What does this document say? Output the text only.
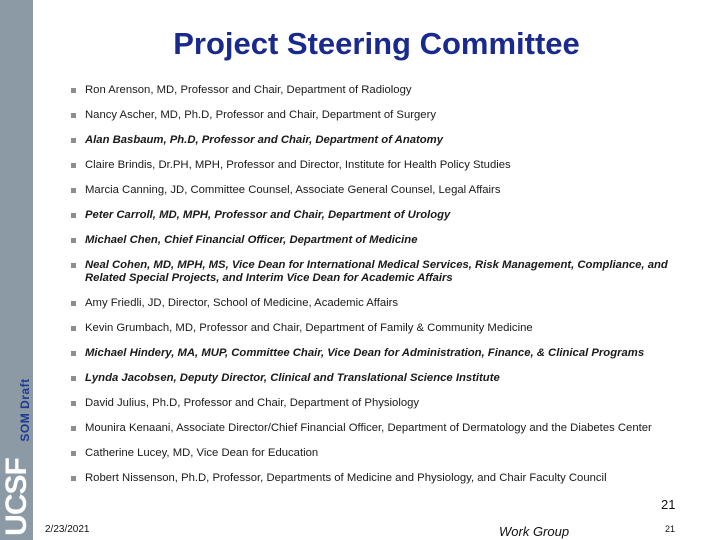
SOM Draft
UCSF
Project Steering Committee
Ron Arenson, MD, Professor and Chair, Department of Radiology
Nancy Ascher, MD, Ph.D, Professor and Chair, Department of Surgery
Alan Basbaum, Ph.D, Professor and Chair, Department of Anatomy
Claire Brindis, Dr.PH, MPH, Professor and Director, Institute for Health Policy Studies
Marcia Canning, JD, Committee Counsel, Associate General Counsel, Legal Affairs
Peter Carroll, MD, MPH, Professor and Chair, Department of Urology
Michael Chen, Chief Financial Officer, Department of Medicine
Neal Cohen, MD, MPH, MS, Vice Dean for International Medical Services, Risk Management, Compliance, and Related Special Projects, and Interim Vice Dean for Academic Affairs
Amy Friedli, JD, Director, School of Medicine, Academic Affairs
Kevin Grumbach, MD, Professor and Chair, Department of Family & Community Medicine
Michael Hindery, MA, MUP, Committee Chair, Vice Dean for Administration, Finance, & Clinical Programs
Lynda Jacobsen, Deputy Director, Clinical and Translational Science Institute
David Julius, Ph.D, Professor and Chair, Department of Physiology
Mounira Kenaani, Associate Director/Chief Financial Officer, Department of Dermatology and the Diabetes Center
Catherine Lucey, MD, Vice Dean for Education
Robert Nissenson, Ph.D, Professor, Departments of Medicine and Physiology, and Chair Faculty Council
21
2/23/2021	Work Group	21
